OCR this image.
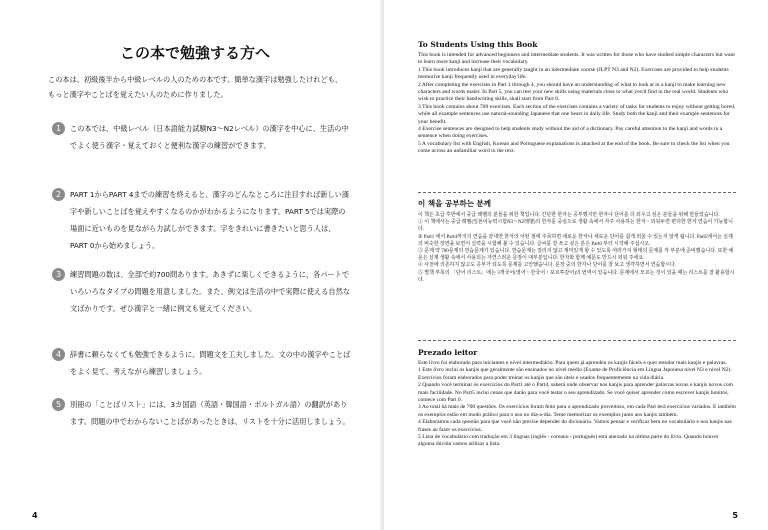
この本で勉強する方へ
この本は、初級後半から中級レベルの人のための本です。簡単な漢字は勉強したけれども、もっと漢字やことばを覚えたい人のために作りました。
1	この本では、中級レベル（日本語能力試験N3〜N2レベル）の漢字を中心に、生活の中でよく使う漢字・覚えておくと便利な漢字の練習ができます。
2	PART 1からPART 4までの練習を終えると、漢字のどんなところに注目すれば新しい漢字や新しいことばを覚えやすくなるのかがわかるようになります。PART 5では実際の場面に近いものを見ながら力試しができます。字をきれいに書きたいと思う人は、PART 0から始めましょう。
3	練習問題の数は、全部で約700問あります。あきずに楽しくできるように、各パートでいろいろなタイプの問題を用意しました。また、例文は生活の中で実際に使える自然な文ばかりです。ぜひ漢字と一緒に例文も覚えてください。
4	辞書に頼らなくても勉強できるように、問題文を工夫しました。文の中の漢字やことばをよく見て、考えながら練習しましょう。
5	別冊の「ことばリスト」には、3カ国語（英語・韓国語・ポルトガル語）の翻訳があります。問題の中でわからないことばがあったときは、リストを十分に活用しましょう。
4
To Students Using this Book

This book is intended for advanced beginners and intermediate students. It was written for those who have studied simple characters but want to learn more kanji and increase their vocabulary.

1 This book introduces kanji that are generally taught in an intermediate course (JLPT N3 and N2). Exercises are provided to help students memorize kanji frequently used in everyday life.

2 After completing the exercises in Part 1 through 4, you should have an understanding of what to look at in a kanji to make learning new characters and words easier. In Part 5, you can test your new skills using materials close to what you'd find in the real world. Students who wish to practice their handwriting skills, shall start from Part 0.

3 This book contains about 700 exercises. Each section of the exercises contains a variety of tasks for students to enjoy without getting bored, while all example sentences use natural-sounding Japanese that one hears in daily life. Study both the kanji and their example sentences for your benefit.

4 Exercise sentences are designed to help students study without the aid of a dictionary. Pay careful attention to the kanji and words in a sentence when doing exercises.

5 A vocabulary list with English, Korean and Portuguese explanations is attached at the end of the book. Be sure to check the list when you come across an unfamiliar word in the text.

이 책을 공부하는 분께

이 책은 초급 후반에서 중급 레벨의 분들을 위한 책입니다. 간단한 한자는 공부했지만 한자나 단어를 더 외우고 싶은 분들을 위해 만들었습니다.

① 이 책에서는 중급 레벨(일본어능력시험N3〜N2레벨)의 한자를 중심으로 생활 속에서 자주 사용하는 한자・외워두면 편리한 한자 연습이 가능합니다.

② Part1 에서 Part4까지의 연습을 끝내면 한자의 어떤 점에 주목하면 새로운 한자나 새로운 단어를 쉽게 외울 수 있는지 알게 됩니다. Part5에서는 실제의 비슷한 장면을 보면서 실력을 시험해 볼 수 있습니다. 글씨를 잘 쓰고 싶은 분은 Part0 부터 시작해 주십시오.

③ 문제 약 700문제의 연습문제가 있습니다. 연습문제는 질리지 않고 재미있게 할 수 있도록 여러가지 형태의 문제를 각 부분에 준비했습니다. 또한 예문은 실제 생활 속에서 사용되는 자연스러운 문장이 대부분입니다. 한자와 함께 예문도 반드시 외워 주세요.

④ 사전에 의존하지 않고도 공부가 되도록 문제를 고안했습니다. 문장 중의 한자나 단어를 잘 보고 생각하면서 연습합시다.

⑤ 별책 부록의 「단어 리스트」에는 3개국어(영어・한국어・포르투갈어)의 번역이 있습니다. 문제에서 모르는 것이 있을 때는 리스트를 잘 활용합시다.

Prezado leitor

Este livro foi elaborado para iniciantes e nível intermediário. Para quem já aprendeu os kanjis fáceis e quer estudar mais kanjis e palavras.

1 Este livro inclui os kanjis que geralmente são ensinados no nível médio (Exame de Proficiência em Língua Japonesa nível N3 e nível N2). Exercícios foram elaborados para poder treinar os kanjis que são úteis e usados frequentemente na vida diária.

2 Quando você terminar os exercícios do Part1 até o Part4, saberá onde observar nos kanjis para aprender palavras novas e kanjis novos com mais facilidade. No Part5 inclui cenas que darão para você testar o seu aprendizado. Se você quiser aprender como escrever kanjis bonitos, comece com Part 0.

3 Ao total há mais de 700 questões. Os exercícios foram feito para o aprendizado proveitoso, em cada Part terá exercícios variados. E também os exemplos estão em modo prático para o uso no dia-a-dia. Tente memorizar os exemplos junto aos kanjis também.

4 Elaboramos cada questão para que você não precise depender do dicionário. Vamos pensar e verificar bem no vocabulário e nos kanjis nas frases ao fazer os exercícios.

5 Lista de vocabulário com tradução em 3 línguas (inglês - coreano - português) está anexado na última parte do livro. Quando houver alguma dúvida vamos utilizar a lista.

5
